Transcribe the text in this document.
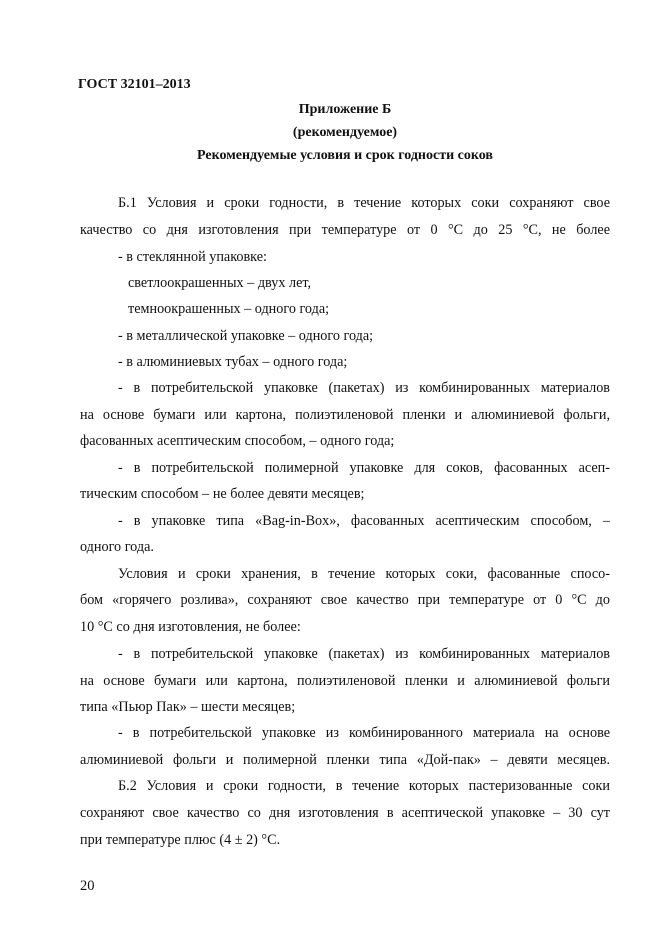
ГОСТ 32101–2013
Приложение Б
(рекомендуемое)
Рекомендуемые условия и срок годности соков
Б.1 Условия и сроки годности, в течение которых соки сохраняют свое
качество со дня изготовления при температуре от 0 °С до 25 °С, не более
- в стеклянной упаковке:
светлоокрашенных – двух лет,
темноокрашенных – одного года;
- в металлической упаковке – одного года;
- в алюминиевых тубах – одного года;
- в потребительской упаковке (пакетах) из комбинированных материалов
на основе бумаги или картона, полиэтиленовой пленки и алюминиевой фольги,
фасованных асептическим способом, – одного года;
- в потребительской полимерной упаковке для соков, фасованных асеп-
тическим способом – не более девяти месяцев;
- в упаковке типа «Bag-in-Box», фасованных асептическим способом, –
одного года.
Условия и сроки хранения, в течение которых соки, фасованные спосо-
бом «горячего розлива», сохраняют свое качество при температуре от 0 °С до
10 °С со дня изготовления, не более:
- в потребительской упаковке (пакетах) из комбинированных материалов
на основе бумаги или картона, полиэтиленовой пленки и алюминиевой фольги
типа «Пьюр Пак» – шести месяцев;
- в потребительской упаковке из комбинированного материала на основе
алюминиевой фольги и полимерной пленки типа «Дой-пак» – девяти месяцев.
Б.2 Условия и сроки годности, в течение которых пастеризованные соки
сохраняют свое качество со дня изготовления в асептической упаковке – 30 сут
при температуре плюс (4 ± 2) °С.
20
